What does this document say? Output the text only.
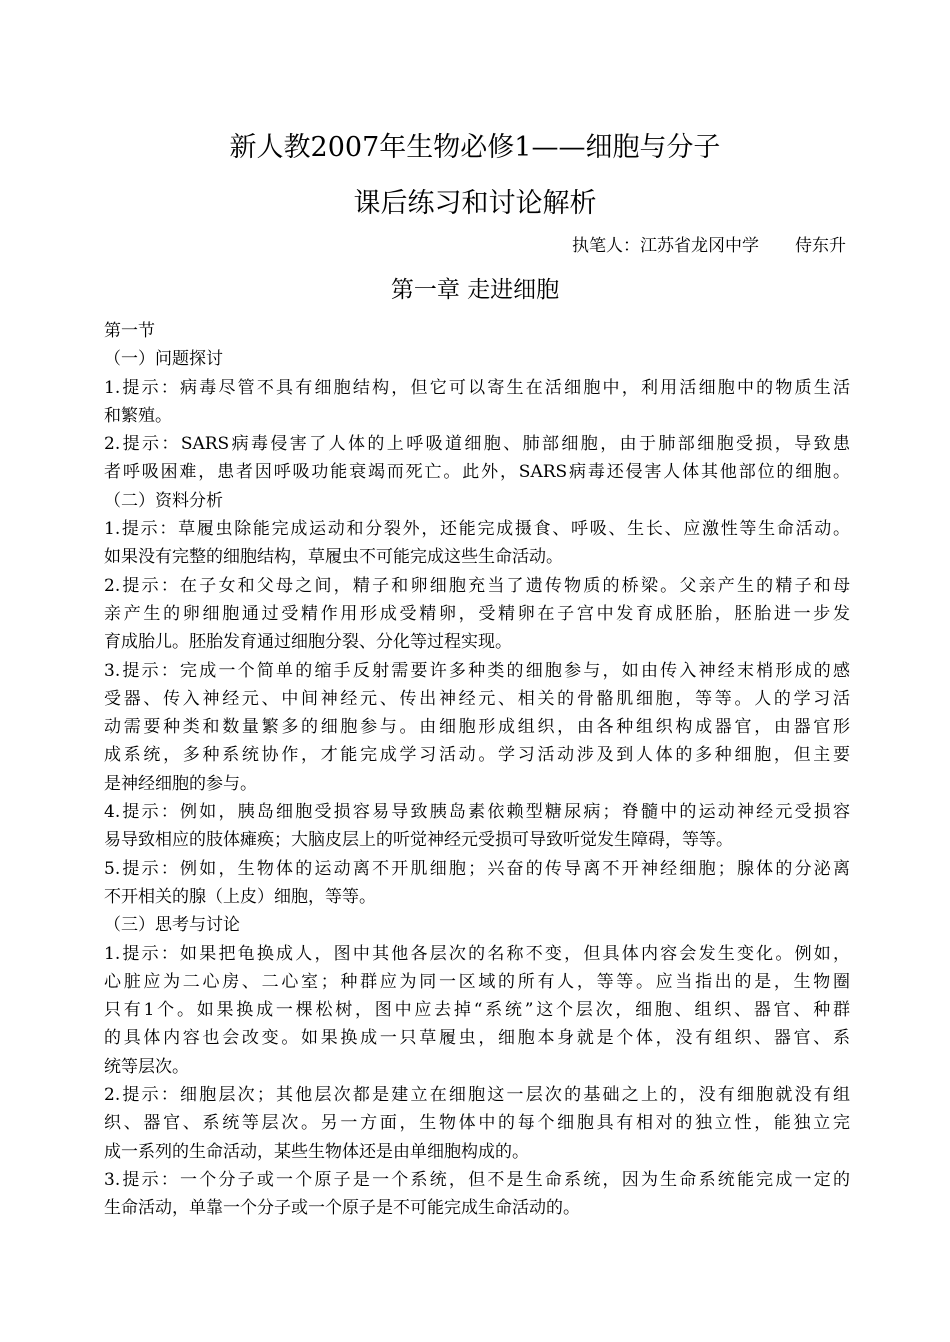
新人教2007年生物必修1——细胞与分子
课后练习和讨论解析
执笔人：江苏省龙冈中学 侍东升
第一章 走进细胞
第一节
（一）问题探讨
1.提示：病毒尽管不具有细胞结构，但它可以寄生在活细胞中，利用活细胞中的物质生活
和繁殖。
2.提示：SARS病毒侵害了人体的上呼吸道细胞、肺部细胞，由于肺部细胞受损，导致患
者呼吸困难，患者因呼吸功能衰竭而死亡。此外，SARS病毒还侵害人体其他部位的细胞。
（二）资料分析
1.提示：草履虫除能完成运动和分裂外，还能完成摄食、呼吸、生长、应激性等生命活动。
如果没有完整的细胞结构，草履虫不可能完成这些生命活动。
2.提示：在子女和父母之间，精子和卵细胞充当了遗传物质的桥梁。父亲产生的精子和母
亲产生的卵细胞通过受精作用形成受精卵，受精卵在子宫中发育成胚胎，胚胎进一步发
育成胎儿。胚胎发育通过细胞分裂、分化等过程实现。
3.提示：完成一个简单的缩手反射需要许多种类的细胞参与，如由传入神经末梢形成的感
受器、传入神经元、中间神经元、传出神经元、相关的骨骼肌细胞，等等。人的学习活
动需要种类和数量繁多的细胞参与。由细胞形成组织，由各种组织构成器官，由器官形
成系统，多种系统协作，才能完成学习活动。学习活动涉及到人体的多种细胞，但主要
是神经细胞的参与。
4.提示：例如，胰岛细胞受损容易导致胰岛素依赖型糖尿病；脊髓中的运动神经元受损容
易导致相应的肢体瘫痪；大脑皮层上的听觉神经元受损可导致听觉发生障碍，等等。
5.提示：例如，生物体的运动离不开肌细胞；兴奋的传导离不开神经细胞；腺体的分泌离
不开相关的腺（上皮）细胞，等等。
（三）思考与讨论
1.提示：如果把龟换成人，图中其他各层次的名称不变，但具体内容会发生变化。例如，
心脏应为二心房、二心室；种群应为同一区域的所有人，等等。应当指出的是，生物圈
只有1个。如果换成一棵松树，图中应去掉“系统”这个层次，细胞、组织、器官、种群
的具体内容也会改变。如果换成一只草履虫，细胞本身就是个体，没有组织、器官、系
统等层次。
2.提示：细胞层次；其他层次都是建立在细胞这一层次的基础之上的，没有细胞就没有组
织、器官、系统等层次。另一方面，生物体中的每个细胞具有相对的独立性，能独立完
成一系列的生命活动，某些生物体还是由单细胞构成的。
3.提示：一个分子或一个原子是一个系统，但不是生命系统，因为生命系统能完成一定的
生命活动，单靠一个分子或一个原子是不可能完成生命活动的。
